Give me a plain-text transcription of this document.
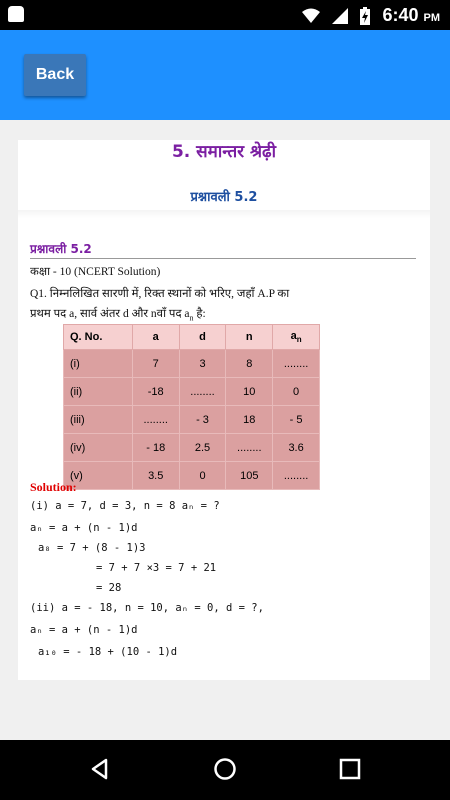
6:40 PM
Back
5. समान्तर श्रेढ़ी
प्रश्नावली 5.2
प्रश्नावली 5.2
कक्षा - 10 (NCERT Solution)
Q1. निम्नलिखित सारणी में, रिक्त स्थानों को भरिए, जहाँ A.P का
प्रथम पद a, सार्व अंतर d और nवाँ पद $a_n$ है:
Q. No.	a	d	n	$a_n$
(i)	7	3	8	........
(ii)	-18	........	10	0
(iii)	........	- 3	18	- 5
(iv)	- 18	2.5	........	3.6
(v)	3.5	0	105	........
Solution:
(i) a = 7, d = 3, n = 8 aₙ = ?
aₙ = a + (n - 1)d
a₈ = 7 + (8 - 1)3
= 7 + 7 ×3 = 7 + 21
= 28
(ii) a = - 18, n = 10, aₙ = 0, d = ?,
aₙ = a + (n - 1)d
a₁₀ = - 18 + (10 - 1)d
